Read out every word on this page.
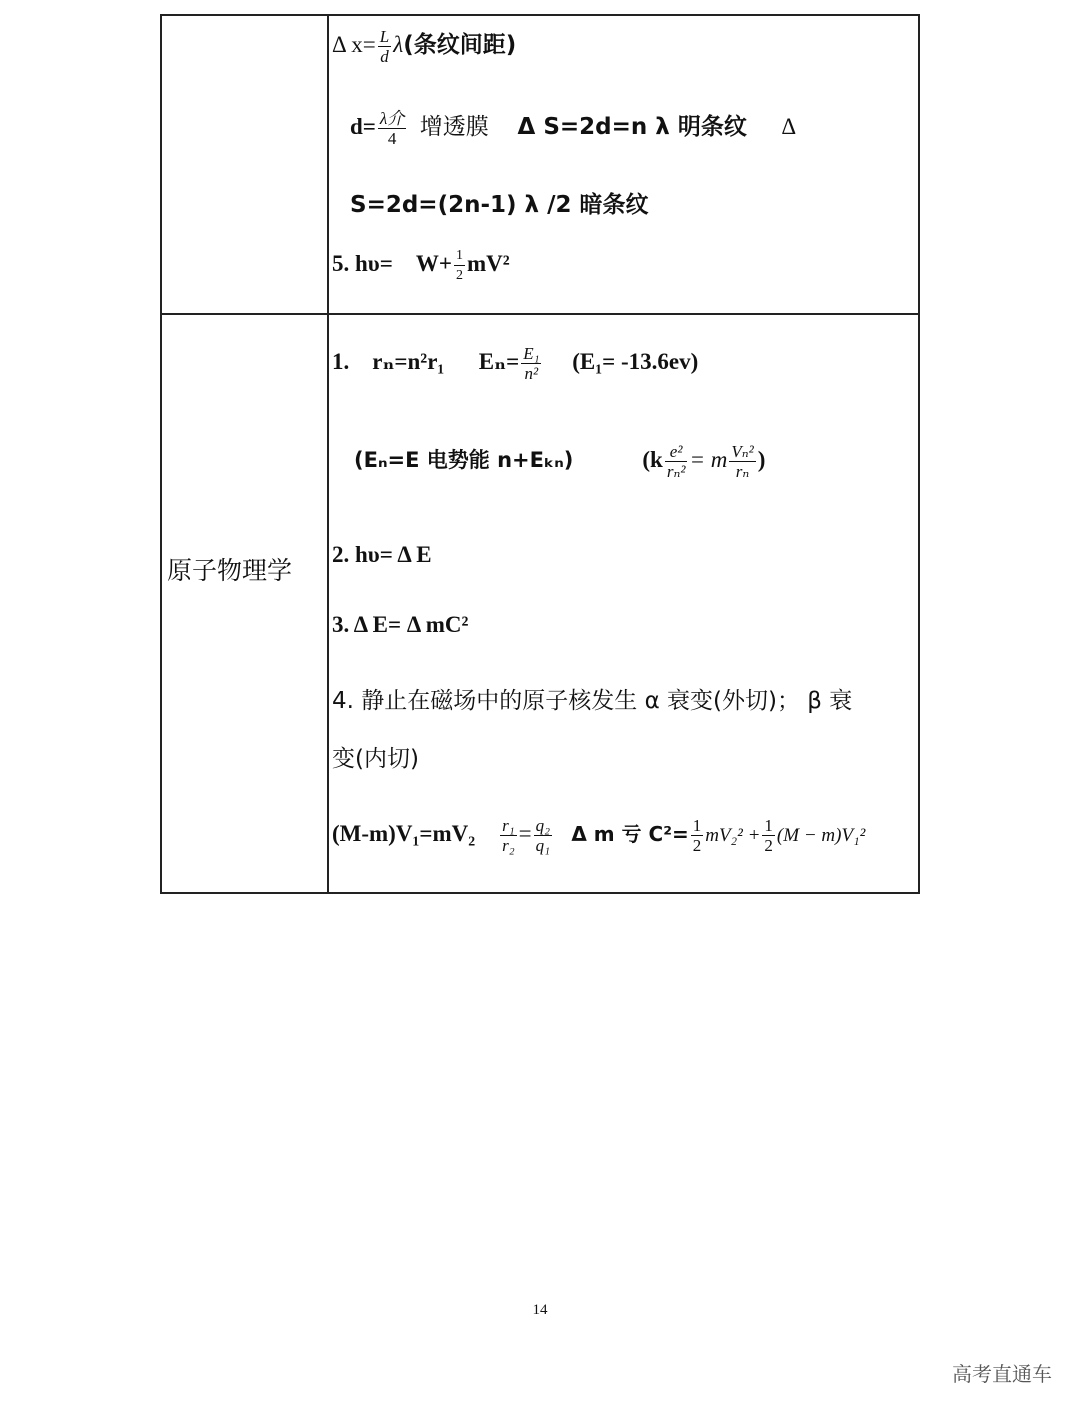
原子物理学
Δ $x= \frac{L}{d} \lambda$(条纹间距)
$d= \frac{\text{λ介}}{4}$ 增透膜 Δ S=2d=n λ 明条纹 Δ
S=2d=(2n-1) λ /2 暗条纹
5. $h\upsilon= W+ \frac{1}{2} mV^2$
1. rₙ=n²r₁ $E_n= \frac{\text{E₁}}{\text{n²}} (E_1= -13.6ev)$
(Eₙ=E 电势能 n+Eₖₙ)	($k \frac{\text{e²}}{\text{rₙ²}} = m \frac{\text{Vₙ²}}{\text{rₙ}}$ )
2. hυ= Δ E
3. Δ E= Δ mC²
4. 静止在磁场中的原子核发生 α 衰变(外切)； β 衰
变(内切)
$(M-m)V_1=mV_2 \frac{\text{r₁}}{\text{r₂}} = \frac{\text{q₂}}{\text{q₁}}$ Δ m 亏 $C^2= \frac{1}{2} mV_2^2 + \frac{1}{2} (M - m)V_1^2$
14
高考直通车
